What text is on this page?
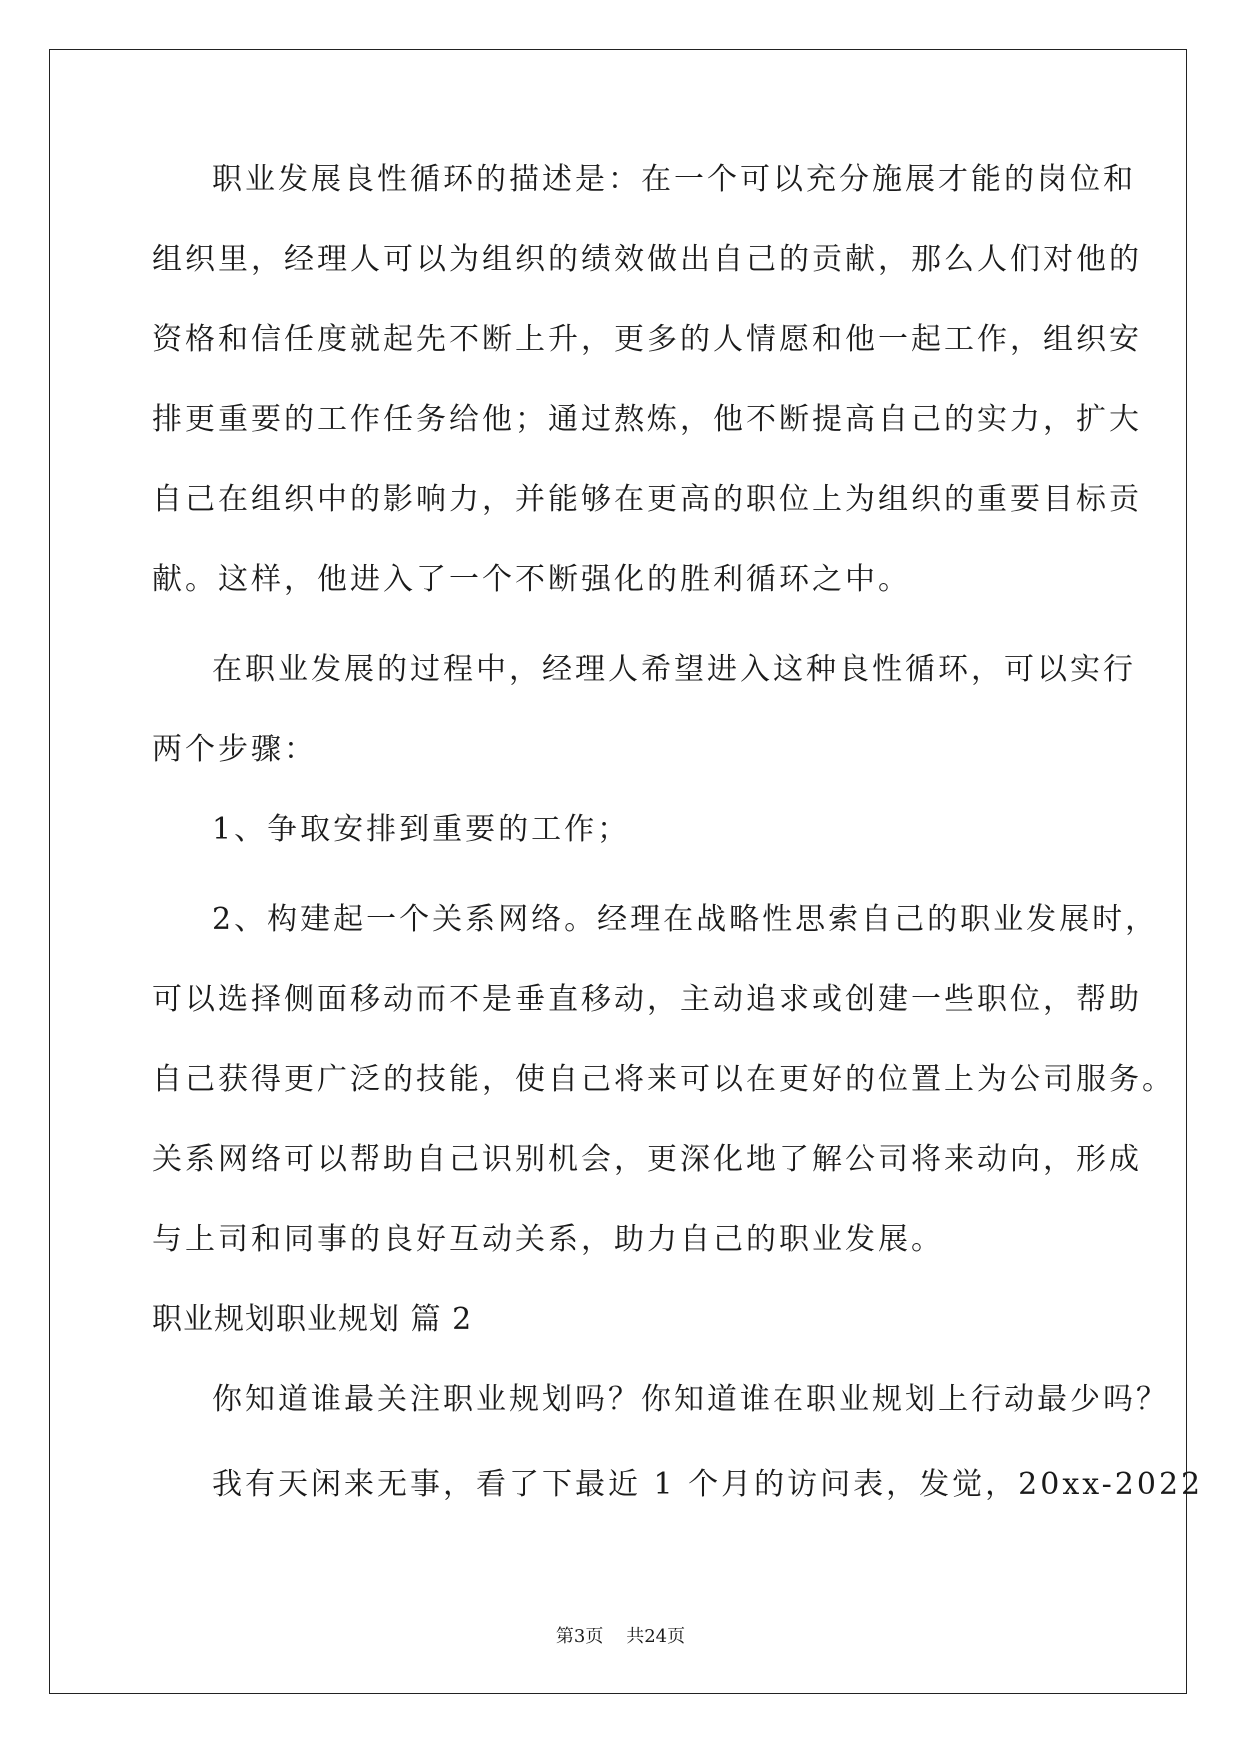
职业发展良性循环的描述是：在一个可以充分施展才能的岗位和
组织里，经理人可以为组织的绩效做出自己的贡献，那么人们对他的
资格和信任度就起先不断上升，更多的人情愿和他一起工作，组织安
排更重要的工作任务给他；通过熬炼，他不断提高自己的实力，扩大
自己在组织中的影响力，并能够在更高的职位上为组织的重要目标贡
献。这样，他进入了一个不断强化的胜利循环之中。
在职业发展的过程中，经理人希望进入这种良性循环，可以实行
两个步骤：
1、争取安排到重要的工作；
2、构建起一个关系网络。经理在战略性思索自己的职业发展时，
可以选择侧面移动而不是垂直移动，主动追求或创建一些职位，帮助
自己获得更广泛的技能，使自己将来可以在更好的位置上为公司服务。
关系网络可以帮助自己识别机会，更深化地了解公司将来动向，形成
与上司和同事的良好互动关系，助力自己的职业发展。
职业规划职业规划 篇 2
你知道谁最关注职业规划吗？你知道谁在职业规划上行动最少吗？
我有天闲来无事，看了下最近 1 个月的访问表，发觉，20xx-2022
第3页 共24页
